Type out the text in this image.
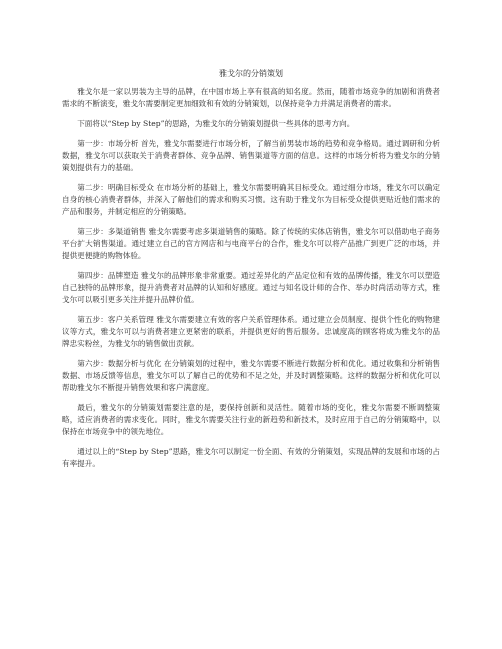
雅戈尔的分销策划

雅戈尔是一家以男装为主导的品牌，在中国市场上享有很高的知名度。然而，随着市场竞争的加剧和消费者需求的不断演变，雅戈尔需要制定更加细致和有效的分销策划，以保持竞争力并满足消费者的需求。

下面将以“Step by Step”的思路，为雅戈尔的分销策划提供一些具体的思考方向。

第一步：市场分析 首先，雅戈尔需要进行市场分析，了解当前男装市场的趋势和竞争格局。通过调研和分析数据，雅戈尔可以获取关于消费者群体、竞争品牌、销售渠道等方面的信息。这样的市场分析将为雅戈尔的分销策划提供有力的基础。

第二步：明确目标受众 在市场分析的基础上，雅戈尔需要明确其目标受众。通过细分市场，雅戈尔可以确定自身的核心消费者群体，并深入了解他们的需求和购买习惯。这有助于雅戈尔为目标受众提供更贴近他们需求的产品和服务，并制定相应的分销策略。

第三步：多渠道销售 雅戈尔需要考虑多渠道销售的策略。除了传统的实体店销售，雅戈尔可以借助电子商务平台扩大销售渠道。通过建立自己的官方网店和与电商平台的合作，雅戈尔可以将产品推广到更广泛的市场，并提供更便捷的购物体验。

第四步：品牌塑造 雅戈尔的品牌形象非常重要。通过差异化的产品定位和有效的品牌传播，雅戈尔可以塑造自己独特的品牌形象，提升消费者对品牌的认知和好感度。通过与知名设计师的合作、举办时尚活动等方式，雅戈尔可以吸引更多关注并提升品牌价值。

第五步：客户关系管理 雅戈尔需要建立有效的客户关系管理体系。通过建立会员制度、提供个性化的购物建议等方式，雅戈尔可以与消费者建立更紧密的联系，并提供更好的售后服务。忠诚度高的顾客将成为雅戈尔的品牌忠实粉丝，为雅戈尔的销售做出贡献。

第六步：数据分析与优化 在分销策划的过程中，雅戈尔需要不断进行数据分析和优化。通过收集和分析销售数据、市场反馈等信息，雅戈尔可以了解自己的优势和不足之处，并及时调整策略。这样的数据分析和优化可以帮助雅戈尔不断提升销售效果和客户满意度。

最后，雅戈尔的分销策划需要注意的是，要保持创新和灵活性。随着市场的变化，雅戈尔需要不断调整策略，适应消费者的需求变化。同时，雅戈尔需要关注行业的新趋势和新技术，及时应用于自己的分销策略中，以保持在市场竞争中的领先地位。

通过以上的“Step by Step”思路，雅戈尔可以制定一份全面、有效的分销策划，实现品牌的发展和市场的占有率提升。
